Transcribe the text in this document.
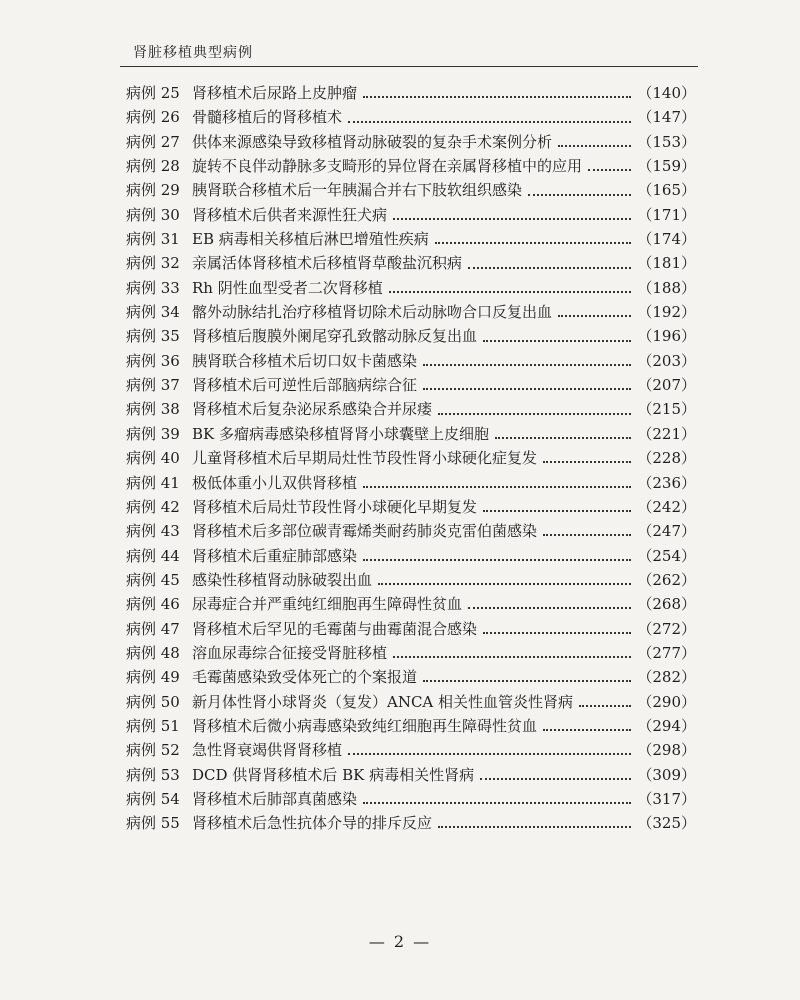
肾脏移植典型病例
病例 25 肾移植术后尿路上皮肿瘤	（140）
病例 26 骨髓移植后的肾移植术	（147）
病例 27 供体来源感染导致移植肾动脉破裂的复杂手术案例分析	（153）
病例 28 旋转不良伴动静脉多支畸形的异位肾在亲属肾移植中的应用	（159）
病例 29 胰肾联合移植术后一年胰漏合并右下肢软组织感染	（165）
病例 30 肾移植术后供者来源性狂犬病	（171）
病例 31 EB 病毒相关移植后淋巴增殖性疾病	（174）
病例 32 亲属活体肾移植术后移植肾草酸盐沉积病	（181）
病例 33 Rh 阴性血型受者二次肾移植	（188）
病例 34 髂外动脉结扎治疗移植肾切除术后动脉吻合口反复出血	（192）
病例 35 肾移植后腹膜外阑尾穿孔致髂动脉反复出血	（196）
病例 36 胰肾联合移植术后切口奴卡菌感染	（203）
病例 37 肾移植术后可逆性后部脑病综合征	（207）
病例 38 肾移植术后复杂泌尿系感染合并尿瘘	（215）
病例 39 BK 多瘤病毒感染移植肾肾小球囊壁上皮细胞	（221）
病例 40 儿童肾移植术后早期局灶性节段性肾小球硬化症复发	（228）
病例 41 极低体重小儿双供肾移植	（236）
病例 42 肾移植术后局灶节段性肾小球硬化早期复发	（242）
病例 43 肾移植术后多部位碳青霉烯类耐药肺炎克雷伯菌感染	（247）
病例 44 肾移植术后重症肺部感染	（254）
病例 45 感染性移植肾动脉破裂出血	（262）
病例 46 尿毒症合并严重纯红细胞再生障碍性贫血	（268）
病例 47 肾移植术后罕见的毛霉菌与曲霉菌混合感染	（272）
病例 48 溶血尿毒综合征接受肾脏移植	（277）
病例 49 毛霉菌感染致受体死亡的个案报道	（282）
病例 50 新月体性肾小球肾炎（复发）ANCA 相关性血管炎性肾病	（290）
病例 51 肾移植术后微小病毒感染致纯红细胞再生障碍性贫血	（294）
病例 52 急性肾衰竭供肾肾移植	（298）
病例 53 DCD 供肾肾移植术后 BK 病毒相关性肾病	（309）
病例 54 肾移植术后肺部真菌感染	（317）
病例 55 肾移植术后急性抗体介导的排斥反应	（325）
— 2 —
